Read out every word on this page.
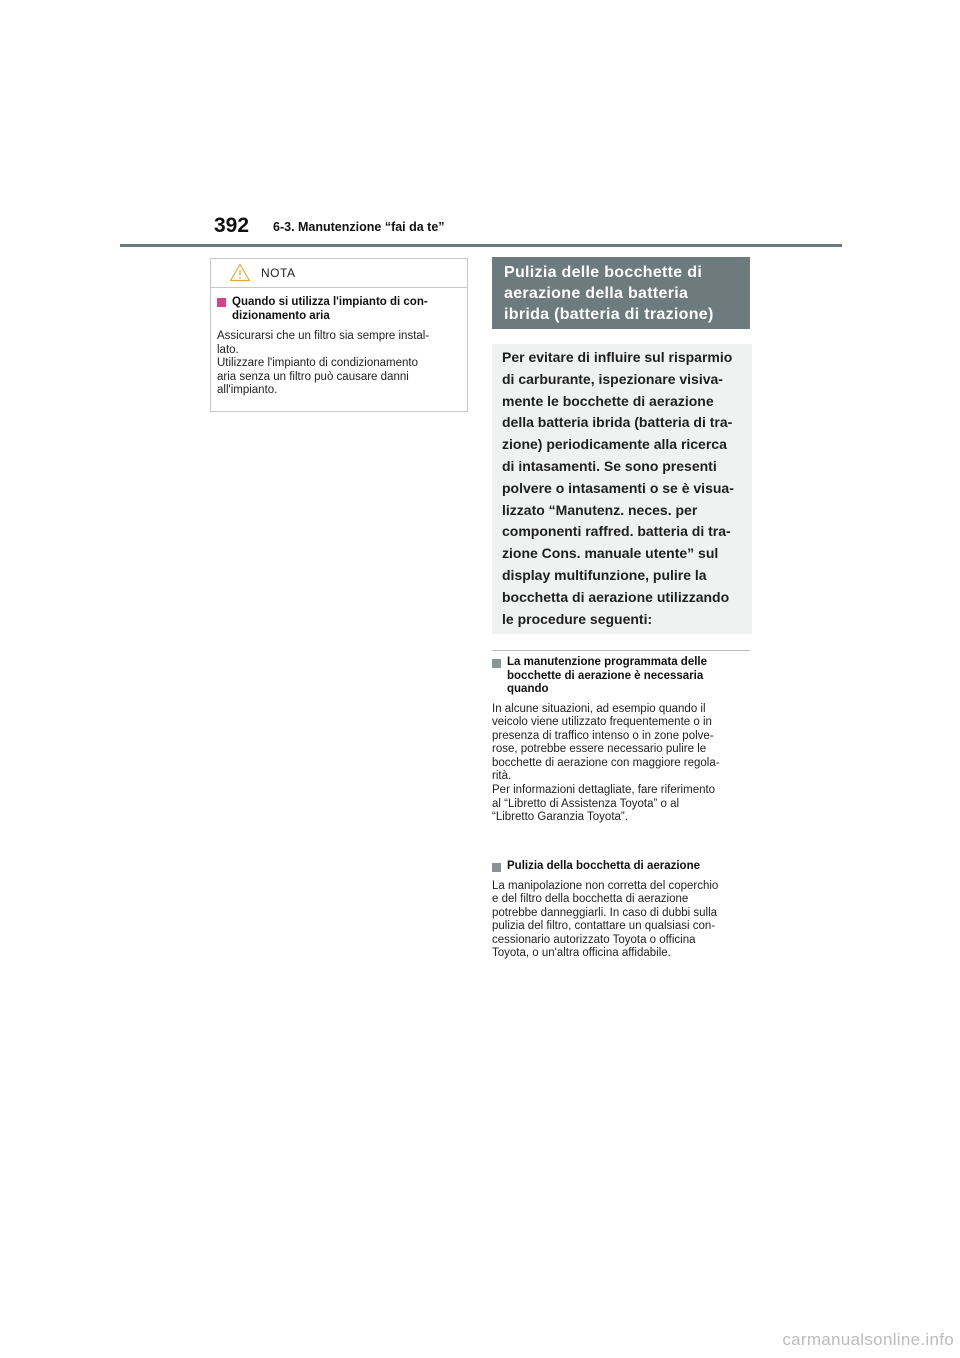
392 6-3. Manutenzione “fai da te”
NOTA
Quando si utilizza l'impianto di con-
dizionamento aria
Assicurarsi che un filtro sia sempre instal-
lato.
Utilizzare l'impianto di condizionamento
aria senza un filtro può causare danni
all'impianto.
Pulizia delle bocchette di
aerazione della batteria
ibrida (batteria di trazione)
Per evitare di influire sul risparmio
di carburante, ispezionare visiva-
mente le bocchette di aerazione
della batteria ibrida (batteria di tra-
zione) periodicamente alla ricerca
di intasamenti. Se sono presenti
polvere o intasamenti o se è visua-
lizzato “Manutenz. neces. per
componenti raffred. batteria di tra-
zione Cons. manuale utente” sul
display multifunzione, pulire la
bocchetta di aerazione utilizzando
le procedure seguenti:
La manutenzione programmata delle
bocchette di aerazione è necessaria
quando
In alcune situazioni, ad esempio quando il
veicolo viene utilizzato frequentemente o in
presenza di traffico intenso o in zone polve-
rose, potrebbe essere necessario pulire le
bocchette di aerazione con maggiore regola-
rità.
Per informazioni dettagliate, fare riferimento
al “Libretto di Assistenza Toyota” o al
“Libretto Garanzia Toyota”.
Pulizia della bocchetta di aerazione
La manipolazione non corretta del coperchio
e del filtro della bocchetta di aerazione
potrebbe danneggiarli. In caso di dubbi sulla
pulizia del filtro, contattare un qualsiasi con-
cessionario autorizzato Toyota o officina
Toyota, o un'altra officina affidabile.
carmanualsonline.info
